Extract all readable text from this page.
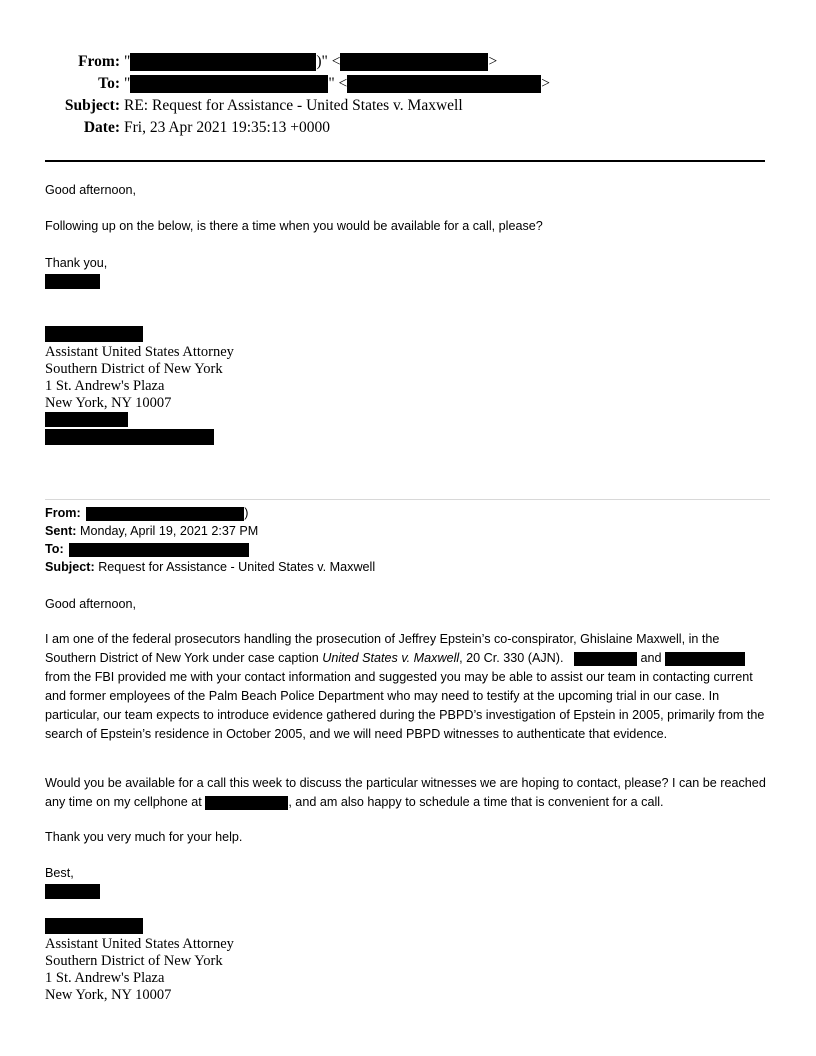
From: "	)" <	>
To: "	" <	>
Subject: RE: Request for Assistance - United States v. Maxwell
Date: Fri, 23 Apr 2021 19:35:13 +0000
Good afternoon,
Following up on the below, is there a time when you would be available for a call, please?
Thank you,
Assistant United States Attorney
Southern District of New York
1 St. Andrew's Plaza
New York, NY 10007
From:	)
Sent: Monday, April 19, 2021 2:37 PM
To:
Subject: Request for Assistance - United States v. Maxwell
Good afternoon,
I am one of the federal prosecutors handling the prosecution of Jeffrey Epstein’s co-conspirator, Ghislaine Maxwell, in the Southern District of New York under case caption United States v. Maxwell, 20 Cr. 330 (AJN).	and  from the FBI provided me with your contact information and suggested you may be able to assist our team in contacting current and former employees of the Palm Beach Police Department who may need to testify at the upcoming trial in our case. In particular, our team expects to introduce evidence gathered during the PBPD’s investigation of Epstein in 2005, primarily from the search of Epstein’s residence in October 2005, and we will need PBPD witnesses to authenticate that evidence.
Would you be available for a call this week to discuss the particular witnesses we are hoping to contact, please? I can be reached any time on my cellphone at	, and am also happy to schedule a time that is convenient for a call.
Thank you very much for your help.
Best,
Assistant United States Attorney
Southern District of New York
1 St. Andrew's Plaza
New York, NY 10007
